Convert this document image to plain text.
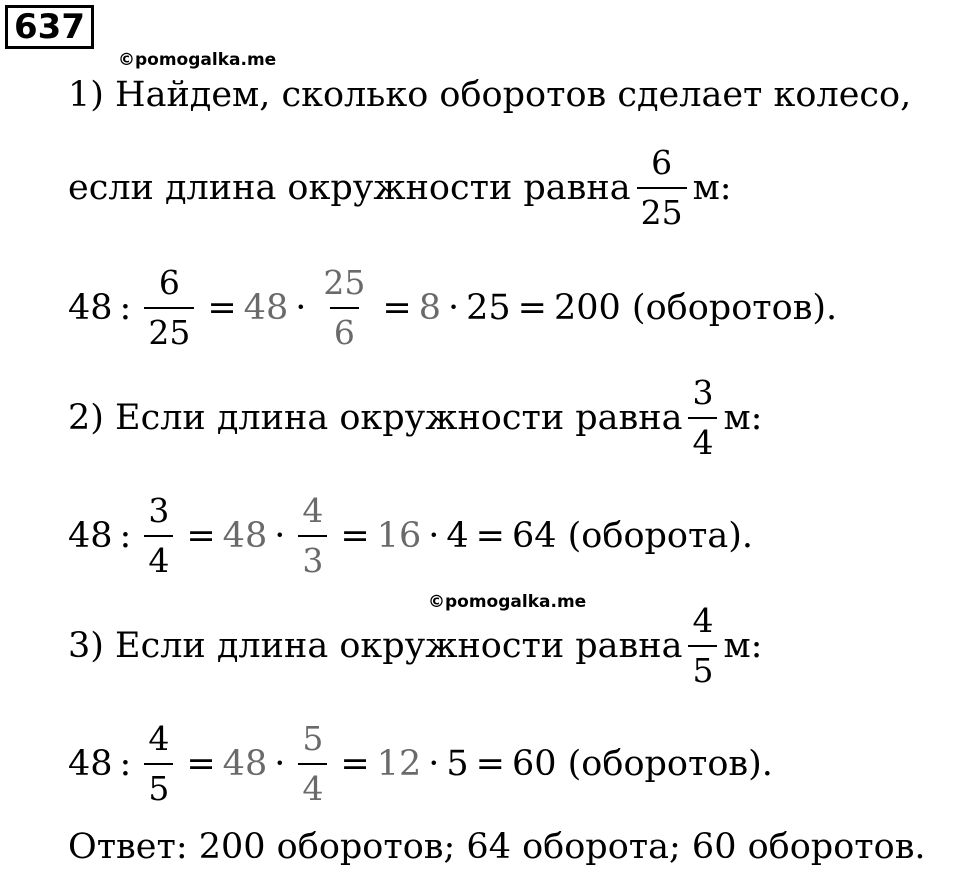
637
©pomogalka.me
1) Найдем, сколько оборотов сделает колесо,
если длина окружности равна $\frac{6}{25} м$:
48 : $\frac{6}{25} = 48 \cdot \frac{25}{6} = 8 \cdot 25 = 200$ (оборотов).
2) Если длина окружности равна $\frac{3}{4} м$:
48 : $\frac{3}{4} = 48 \cdot \frac{4}{3} = 16 \cdot 4 = 64$ (оборота).
©pomogalka.me
3) Если длина окружности равна $\frac{4}{5} м$:
48 : $\frac{4}{5} = 48 \cdot \frac{5}{4} = 12 \cdot 5 = 60$ (оборотов).
Ответ: 200 оборотов; 64 оборота; 60 оборотов.
